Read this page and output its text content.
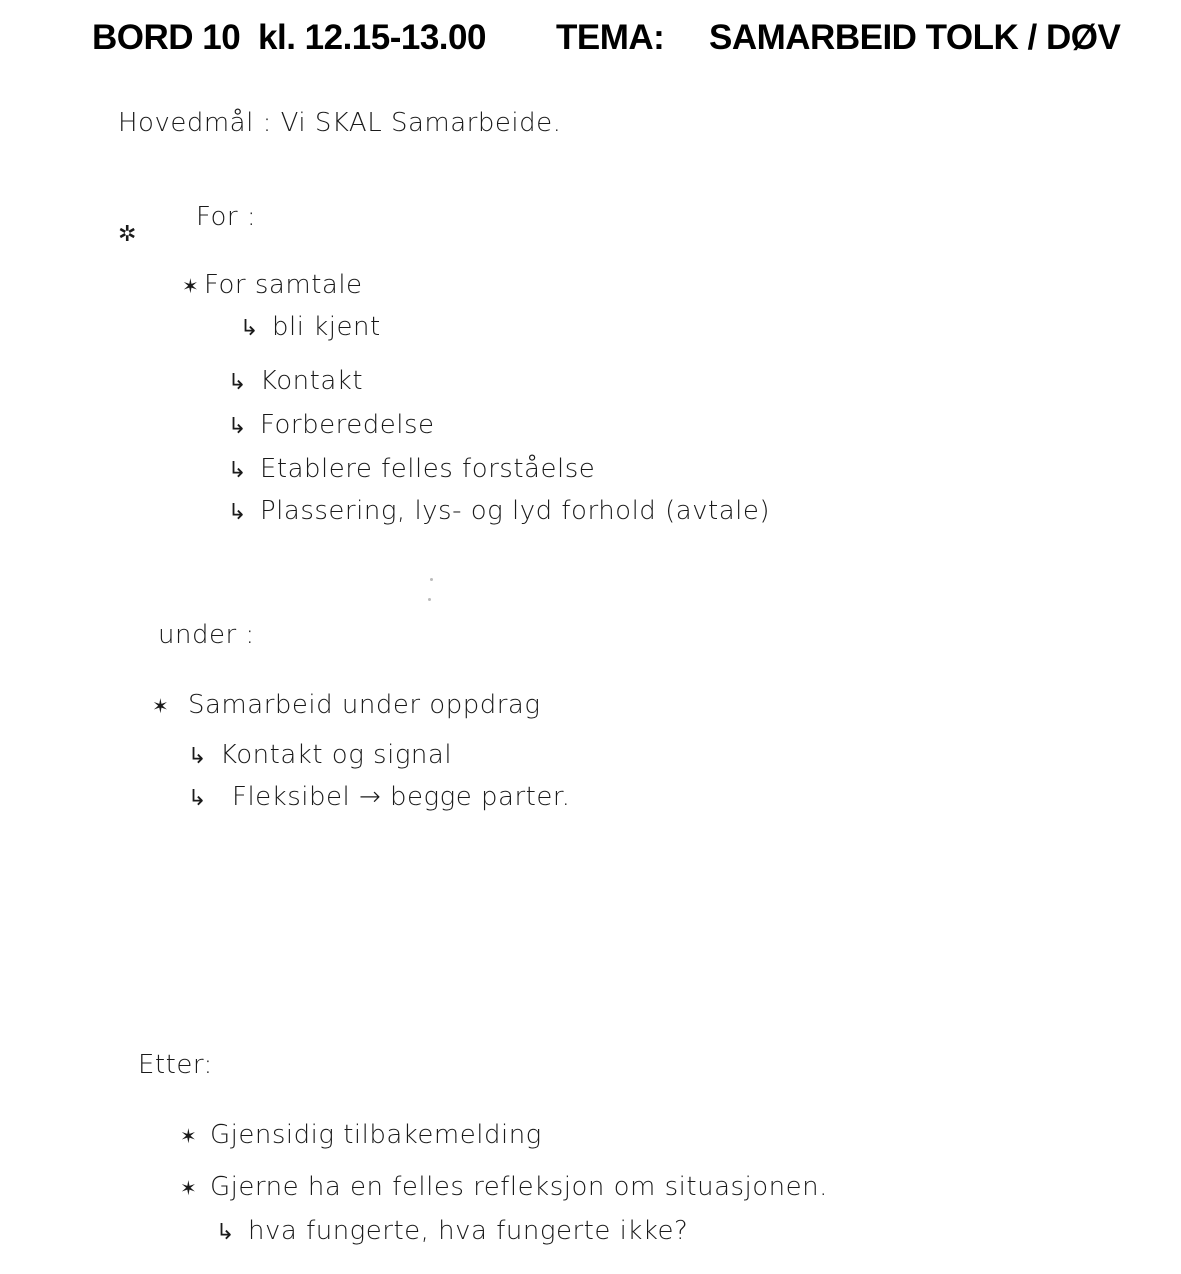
BORD 10 kl. 12.15-13.00 TEMA: SAMARBEID TOLK / DØV
Hovedmål : Vi SKAL Samarbeide.
✲
For :
✶ For samtale
↳ bli kjent
↳ Kontakt
↳ Forberedelse
↳ Etablere felles forståelse
↳ Plassering, lys- og lyd forhold (avtale)
under :
✶ Samarbeid under oppdrag
↳ Kontakt og signal
↳ Fleksibel → begge parter.
Etter:
✶ Gjensidig tilbakemelding
✶ Gjerne ha en felles refleksjon om situasjonen.
↳ hva fungerte, hva fungerte ikke?
